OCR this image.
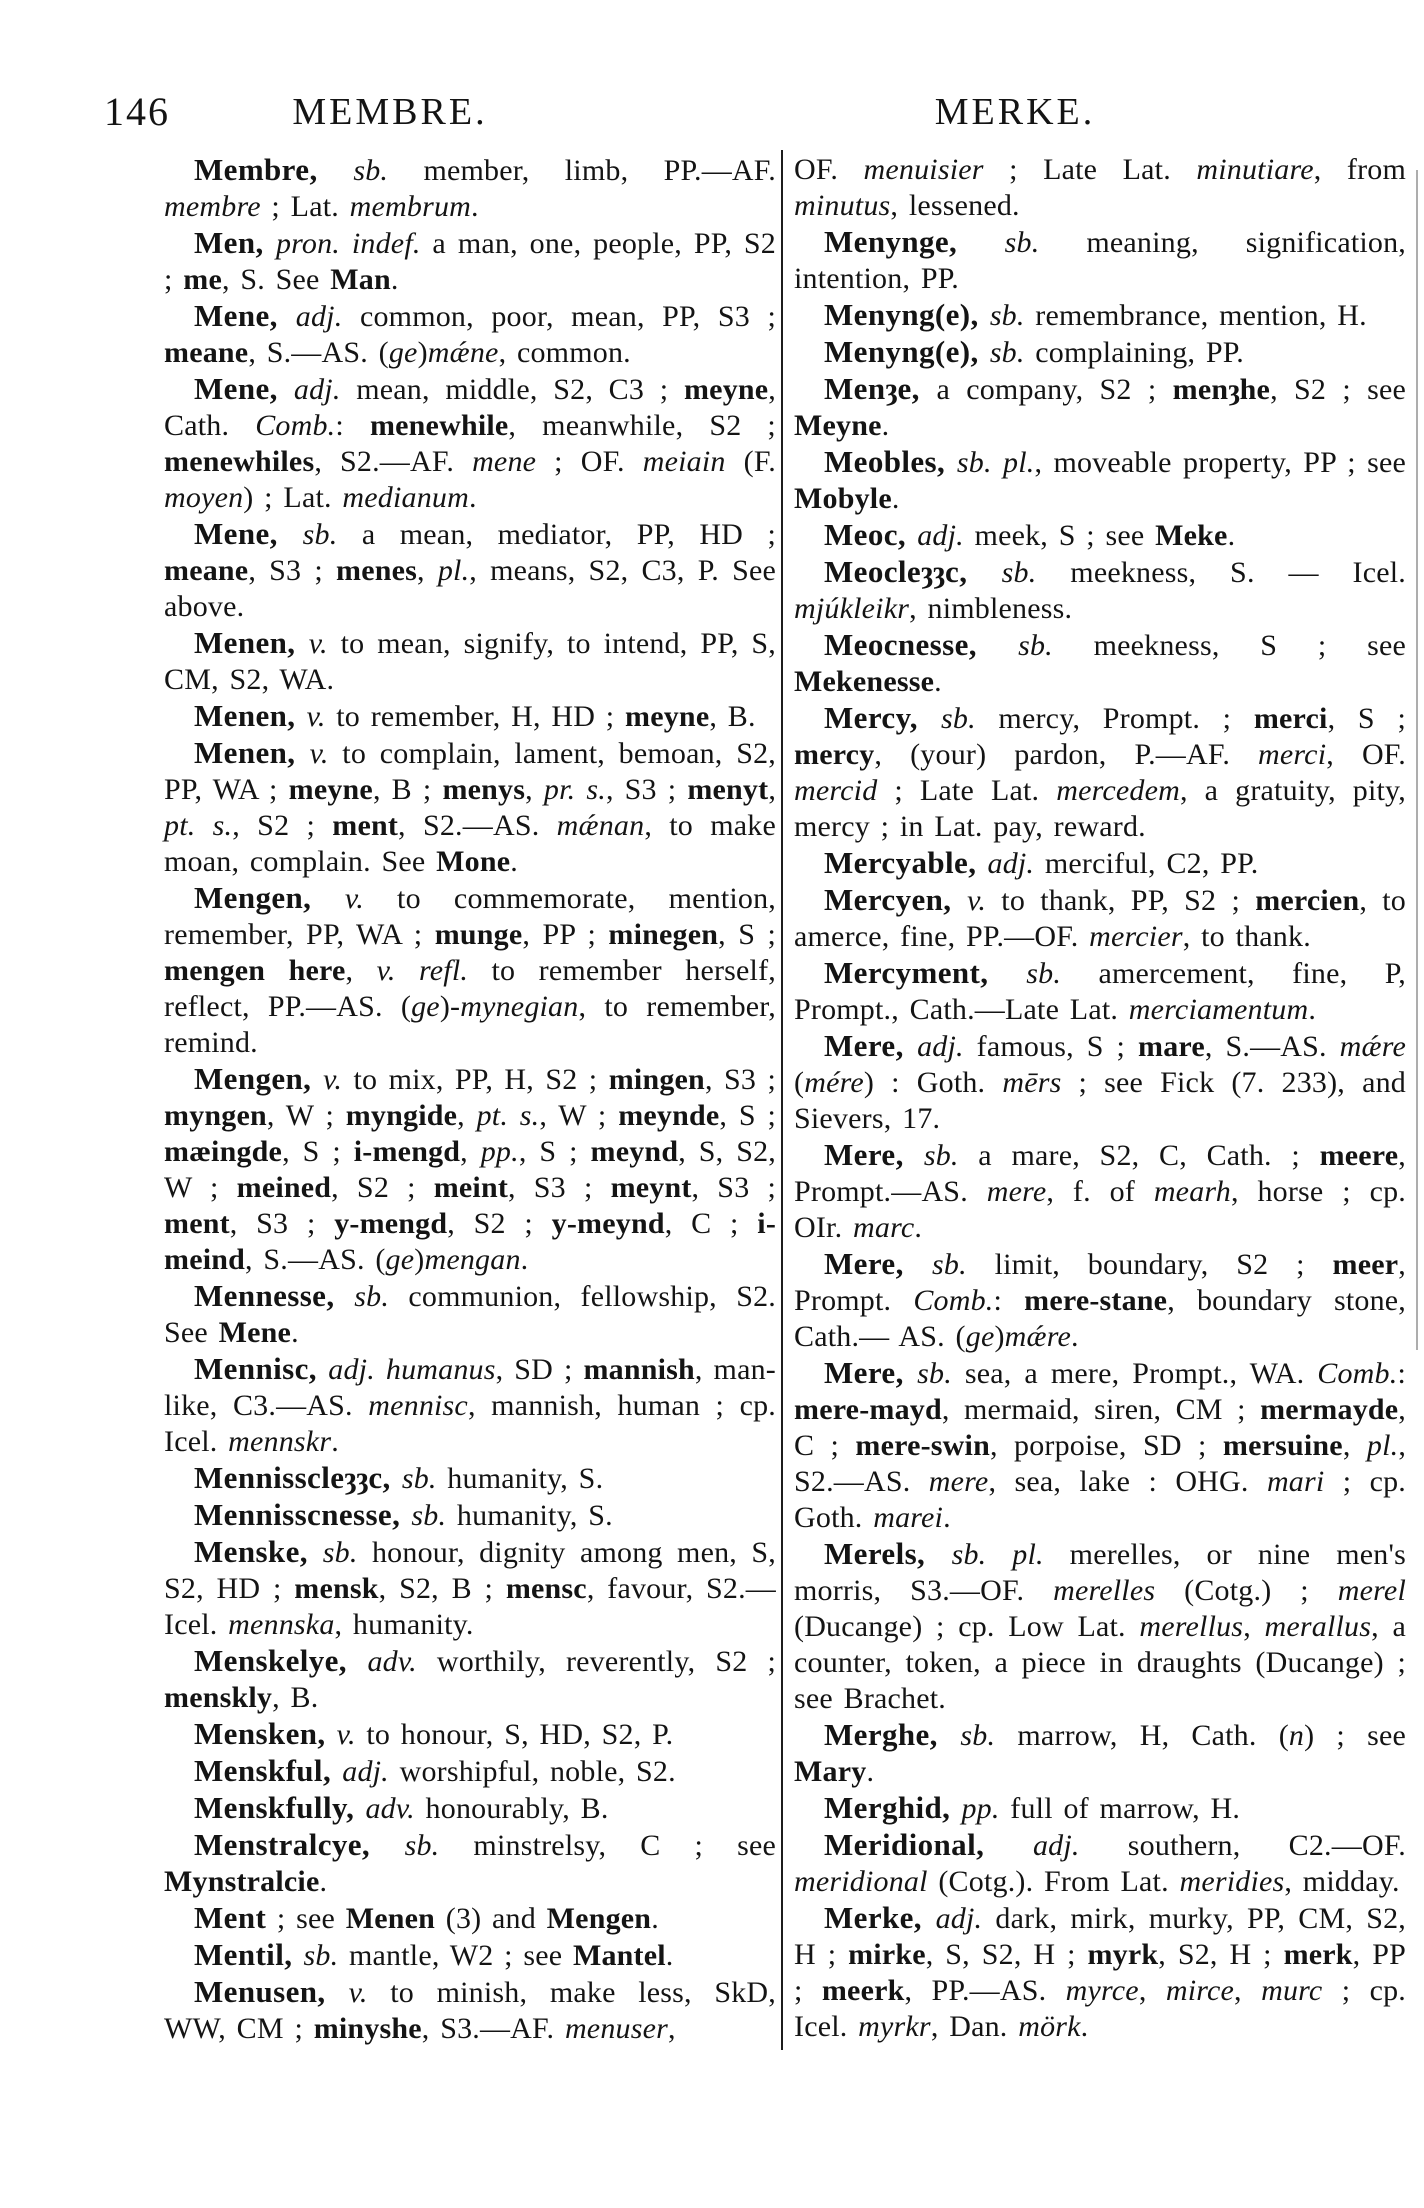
146	MEMBRE.	MERKE.

Membre, sb. member, limb, PP.—AF. membre ; Lat. membrum.

Men, pron. indef. a man, one, people, PP, S2 ; me, S. See Man.

Mene, adj. common, poor, mean, PP, S3 ; meane, S.—AS. (ge)mǽne, common.

Mene, adj. mean, middle, S2, C3 ; meyne, Cath. Comb.: menewhile, meanwhile, S2 ; menewhiles, S2.—AF. mene ; OF. meiain (F. moyen) ; Lat. medianum.

Mene, sb. a mean, mediator, PP, HD ; meane, S3 ; menes, pl., means, S2, C3, P. See above.

Menen, v. to mean, signify, to intend, PP, S, CM, S2, WA.

Menen, v. to remember, H, HD ; meyne, B.

Menen, v. to complain, lament, bemoan, S2, PP, WA ; meyne, B ; menys, pr. s., S3 ; menyt, pt. s., S2 ; ment, S2.—AS. mǽnan, to make moan, complain. See Mone.

Mengen, v. to commemorate, mention, remember, PP, WA ; munge, PP ; minegen, S ; mengen here, v. refl. to remember herself, reflect, PP.—AS. (ge)-mynegian, to remember, remind.

Mengen, v. to mix, PP, H, S2 ; mingen, S3 ; myngen, W ; myngide, pt. s., W ; meynde, S ; mæingde, S ; i-mengd, pp., S ; meynd, S, S2, W ; meined, S2 ; meint, S3 ; meynt, S3 ; ment, S3 ; y-mengd, S2 ; y-meynd, C ; i-meind, S.—AS. (ge)mengan.

Mennesse, sb. communion, fellowship, S2. See Mene.

Mennisc, adj. humanus, SD ; mannish, man-like, C3.—AS. mennisc, mannish, human ; cp. Icel. mennskr.

Mennisscleȝȝc, sb. humanity, S.

Mennisscnesse, sb. humanity, S.

Menske, sb. honour, dignity among men, S, S2, HD ; mensk, S2, B ; mensc, favour, S2.—Icel. mennska, humanity.

Menskelye, adv. worthily, reverently, S2 ; menskly, B.

Mensken, v. to honour, S, HD, S2, P.

Menskful, adj. worshipful, noble, S2.

Menskfully, adv. honourably, B.

Menstralcye, sb. minstrelsy, C ; see Mynstralcie.

Ment ; see Menen (3) and Mengen.

Mentil, sb. mantle, W2 ; see Mantel.

Menusen, v. to minish, make less, SkD, WW, CM ; minyshe, S3.—AF. menuser,

OF. menuisier ; Late Lat. minutiare, from minutus, lessened.

Menynge, sb. meaning, signification, intention, PP.

Menyng(e), sb. remembrance, mention, H.

Menyng(e), sb. complaining, PP.

Menȝe, a company, S2 ; menȝhe, S2 ; see Meyne.

Meobles, sb. pl., moveable property, PP ; see Mobyle.

Meoc, adj. meek, S ; see Meke.

Meocleȝȝc, sb. meekness, S. — Icel. mjúkleikr, nimbleness.

Meocnesse, sb. meekness, S ; see Mekenesse.

Mercy, sb. mercy, Prompt. ; merci, S ; mercy, (your) pardon, P.—AF. merci, OF. mercid ; Late Lat. mercedem, a gratuity, pity, mercy ; in Lat. pay, reward.

Mercyable, adj. merciful, C2, PP.

Mercyen, v. to thank, PP, S2 ; mercien, to amerce, fine, PP.—OF. mercier, to thank.

Mercyment, sb. amercement, fine, P, Prompt., Cath.—Late Lat. merciamentum.

Mere, adj. famous, S ; mare, S.—AS. mǽre (mére) : Goth. mērs ; see Fick (7. 233), and Sievers, 17.

Mere, sb. a mare, S2, C, Cath. ; meere, Prompt.—AS. mere, f. of mearh, horse ; cp. OIr. marc.

Mere, sb. limit, boundary, S2 ; meer, Prompt. Comb.: mere-stane, boundary stone, Cath.— AS. (ge)mǽre.

Mere, sb. sea, a mere, Prompt., WA. Comb.: mere-mayd, mermaid, siren, CM ; mermayde, C ; mere-swin, porpoise, SD ; mersuine, pl., S2.—AS. mere, sea, lake : OHG. mari ; cp. Goth. marei.

Merels, sb. pl. merelles, or nine men's morris, S3.—OF. merelles (Cotg.) ; merel (Ducange) ; cp. Low Lat. merellus, merallus, a counter, token, a piece in draughts (Ducange) ; see Brachet.

Merghe, sb. marrow, H, Cath. (n) ; see Mary.

Merghid, pp. full of marrow, H.

Meridional, adj. southern, C2.—OF. meridional (Cotg.). From Lat. meridies, midday.

Merke, adj. dark, mirk, murky, PP, CM, S2, H ; mirke, S, S2, H ; myrk, S2, H ; merk, PP ; meerk, PP.—AS. myrce, mirce, murc ; cp. Icel. myrkr, Dan. mörk.
